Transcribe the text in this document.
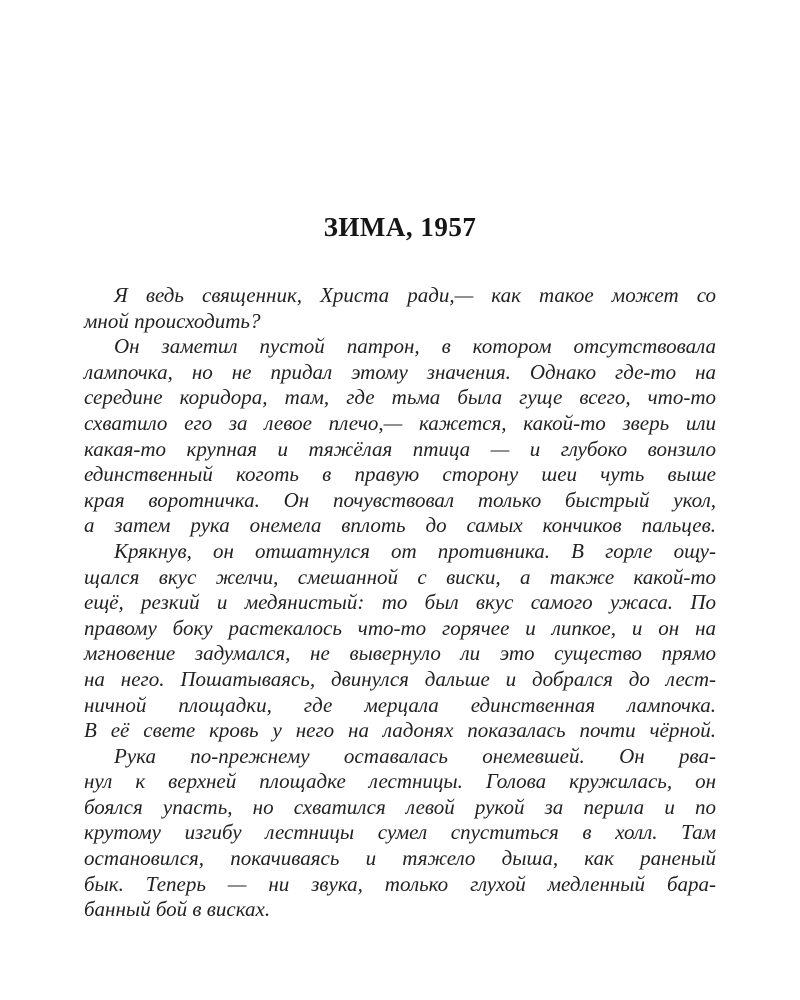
ЗИМА, 1957
Я ведь священник, Христа ради,— как такое может со
мной происходить?
Он заметил пустой патрон, в котором отсутствовала
лампочка, но не придал этому значения. Однако где-то на
середине коридора, там, где тьма была гуще всего, что-то
схватило его за левое плечо,— кажется, какой-то зверь или
какая-то крупная и тяжёлая птица — и глубоко вонзило
единственный коготь в правую сторону шеи чуть выше
края воротничка. Он почувствовал только быстрый укол,
а затем рука онемела вплоть до самых кончиков пальцев.
Крякнув, он отшатнулся от противника. В горле ощу-
щался вкус желчи, смешанной с виски, а также какой-то
ещё, резкий и медянистый: то был вкус самого ужаса. По
правому боку растекалось что-то горячее и липкое, и он на
мгновение задумался, не вывернуло ли это существо прямо
на него. Пошатываясь, двинулся дальше и добрался до лест-
ничной площадки, где мерцала единственная лампочка.
В её свете кровь у него на ладонях показалась почти чёрной.
Рука по-прежнему оставалась онемевшей. Он рва-
нул к верхней площадке лестницы. Голова кружилась, он
боялся упасть, но схватился левой рукой за перила и по
крутому изгибу лестницы сумел спуститься в холл. Там
остановился, покачиваясь и тяжело дыша, как раненый
бык. Теперь — ни звука, только глухой медленный бара-
банный бой в висках.
